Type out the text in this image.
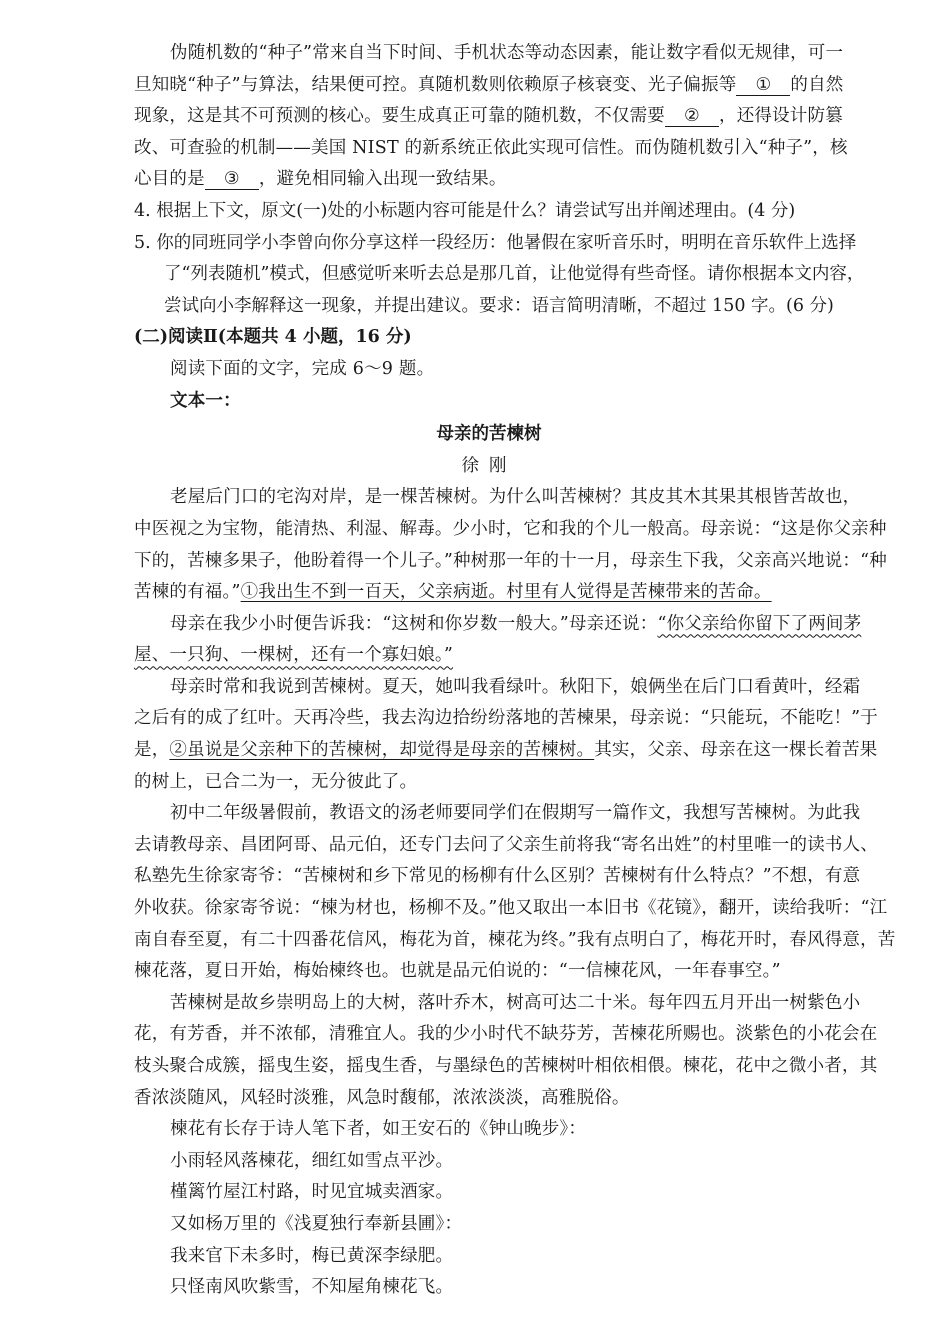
伪随机数的“种子”常来自当下时间、手机状态等动态因素，能让数字看似无规律，可一
旦知晓“种子”与算法，结果便可控。真随机数则依赖原子核衰变、光子偏振等 ① 的自然
现象，这是其不可预测的核心。要生成真正可靠的随机数，不仅需要 ② ，还得设计防篡
改、可查验的机制——美国 NIST 的新系统正依此实现可信性。而伪随机数引入“种子”，核
心目的是 ③ ，避免相同输入出现一致结果。
4. 根据上下文，原文(一)处的小标题内容可能是什么？请尝试写出并阐述理由。(4 分)
5. 你的同班同学小李曾向你分享这样一段经历：他暑假在家听音乐时，明明在音乐软件上选择
了“列表随机”模式，但感觉听来听去总是那几首，让他觉得有些奇怪。请你根据本文内容，
尝试向小李解释这一现象，并提出建议。要求：语言简明清晰，不超过 150 字。(6 分)
(二)阅读Ⅱ(本题共 4 小题，16 分)
阅读下面的文字，完成 6～9 题。
文本一：
母亲的苦楝树
徐刚
老屋后门口的宅沟对岸，是一棵苦楝树。为什么叫苦楝树？其皮其木其果其根皆苦故也，
中医视之为宝物，能清热、利湿、解毒。少小时，它和我的个儿一般高。母亲说：“这是你父亲种
下的，苦楝多果子，他盼着得一个儿子。”种树那一年的十一月，母亲生下我，父亲高兴地说：“种
苦楝的有福。”①我出生不到一百天，父亲病逝。村里有人觉得是苦楝带来的苦命。
母亲在我少小时便告诉我：“这树和你岁数一般大。”母亲还说：“你父亲给你留下了两间茅
屋、一只狗、一棵树，还有一个寡妇娘。”
母亲时常和我说到苦楝树。夏天，她叫我看绿叶。秋阳下，娘俩坐在后门口看黄叶，经霜
之后有的成了红叶。天再冷些，我去沟边拾纷纷落地的苦楝果，母亲说：“只能玩，不能吃！”于
是，②虽说是父亲种下的苦楝树，却觉得是母亲的苦楝树。其实，父亲、母亲在这一棵长着苦果
的树上，已合二为一，无分彼此了。
初中二年级暑假前，教语文的汤老师要同学们在假期写一篇作文，我想写苦楝树。为此我
去请教母亲、昌团阿哥、品元伯，还专门去问了父亲生前将我“寄名出姓”的村里唯一的读书人、
私塾先生徐家寄爷：“苦楝树和乡下常见的杨柳有什么区别？苦楝树有什么特点？”不想，有意
外收获。徐家寄爷说：“楝为材也，杨柳不及。”他又取出一本旧书《花镜》，翻开，读给我听：“江
南自春至夏，有二十四番花信风，梅花为首，楝花为终。”我有点明白了，梅花开时，春风得意，苦
楝花落，夏日开始，梅始楝终也。也就是品元伯说的：“一信楝花风，一年春事空。”
苦楝树是故乡崇明岛上的大树，落叶乔木，树高可达二十米。每年四五月开出一树紫色小
花，有芳香，并不浓郁，清雅宜人。我的少小时代不缺芬芳，苦楝花所赐也。淡紫色的小花会在
枝头聚合成簇，摇曳生姿，摇曳生香，与墨绿色的苦楝树叶相依相偎。楝花，花中之微小者，其
香浓淡随风，风轻时淡雅，风急时馥郁，浓浓淡淡，高雅脱俗。
楝花有长存于诗人笔下者，如王安石的《钟山晚步》：
小雨轻风落楝花，细红如雪点平沙。
槿篱竹屋江村路，时见宜城卖酒家。
又如杨万里的《浅夏独行奉新县圃》：
我来官下未多时，梅已黄深李绿肥。
只怪南风吹紫雪，不知屋角楝花飞。
